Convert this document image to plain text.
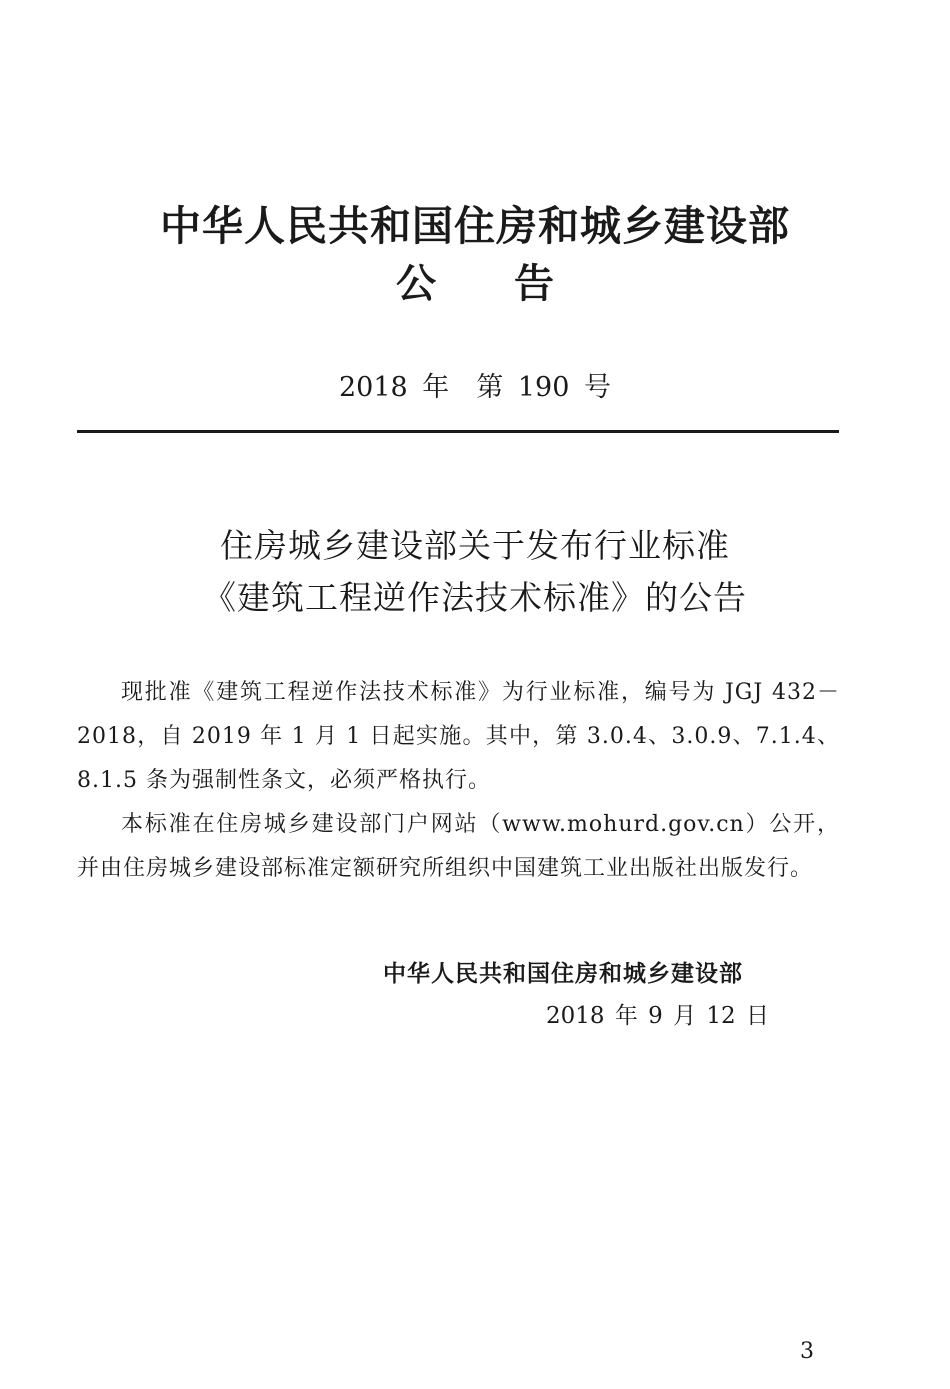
中华人民共和国住房和城乡建设部
公告
2018 年　第 190 号
住房城乡建设部关于发布行业标准
《建筑工程逆作法技术标准》的公告

现批准《建筑工程逆作法技术标准》为行业标准，编号为 JGJ 432－2018，自 2019 年 1 月 1 日起实施。其中，第 3.0.4、3.0.9、7.1.4、8.1.5 条为强制性条文，必须严格执行。

本标准在住房城乡建设部门户网站（www.mohurd.gov.cn）公开，并由住房城乡建设部标准定额研究所组织中国建筑工业出版社出版发行。

中华人民共和国住房和城乡建设部
2018 年 9 月 12 日
3
